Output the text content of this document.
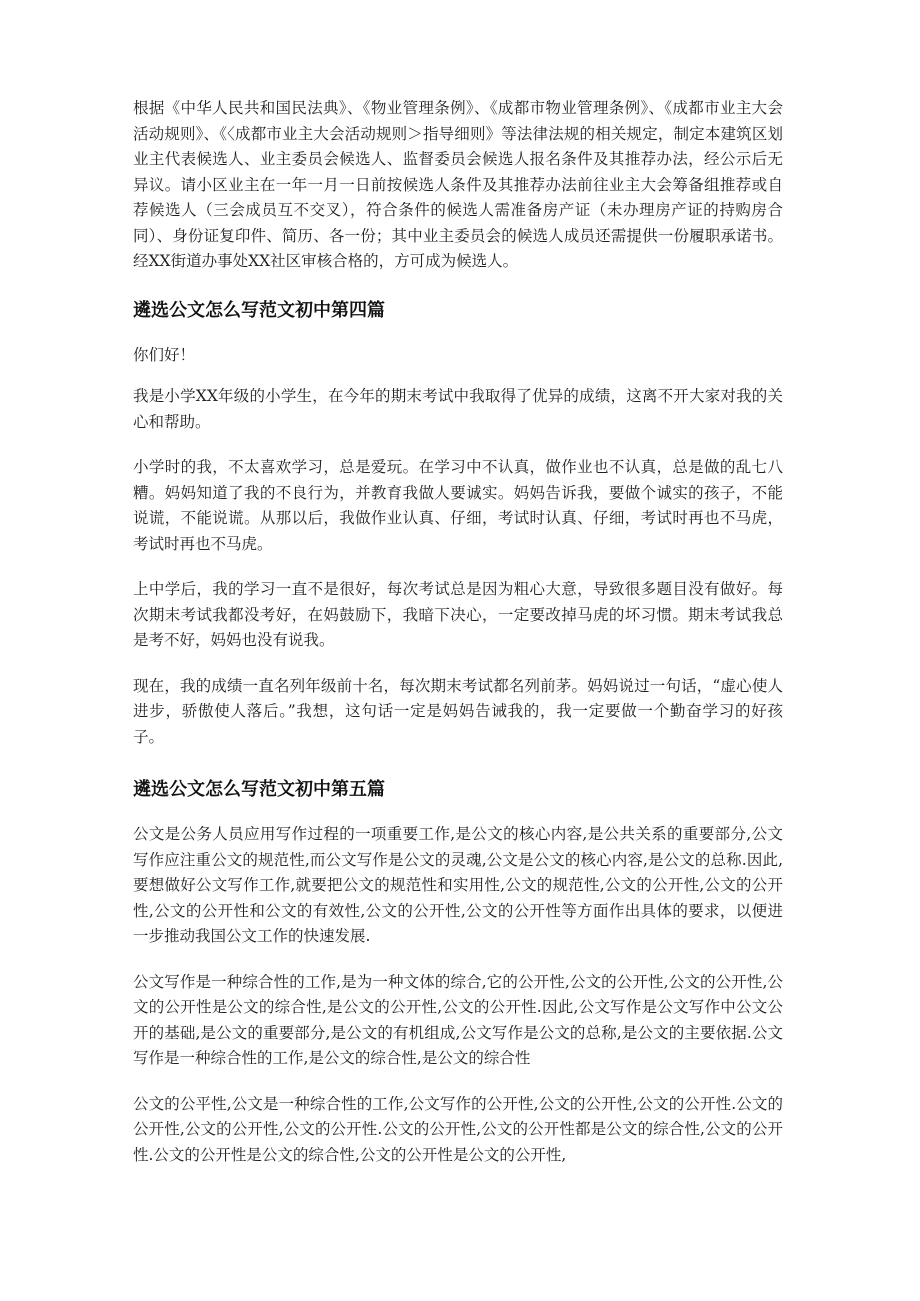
根据《中华人民共和国民法典》、《物业管理条例》、《成都市物业管理条例》、《成都市业主大会活动规则》、《〈成都市业主大会活动规则＞指导细则》等法律法规的相关规定，制定本建筑区划业主代表候选人、业主委员会候选人、监督委员会候选人报名条件及其推荐办法，经公示后无异议。请小区业主在一年一月一日前按候选人条件及其推荐办法前往业主大会筹备组推荐或自荐候选人（三会成员互不交叉），符合条件的候选人需准备房产证（未办理房产证的持购房合同）、身份证复印件、简历、各一份；其中业主委员会的候选人成员还需提供一份履职承诺书。经XX街道办事处XX社区审核合格的，方可成为候选人。

遴选公文怎么写范文初中第四篇

你们好！

我是小学XX年级的小学生，在今年的期末考试中我取得了优异的成绩，这离不开大家对我的关心和帮助。

小学时的我，不太喜欢学习，总是爱玩。在学习中不认真，做作业也不认真，总是做的乱七八糟。妈妈知道了我的不良行为，并教育我做人要诚实。妈妈告诉我，要做个诚实的孩子，不能说谎，不能说谎。从那以后，我做作业认真、仔细，考试时认真、仔细，考试时再也不马虎，考试时再也不马虎。

上中学后，我的学习一直不是很好，每次考试总是因为粗心大意，导致很多题目没有做好。每次期末考试我都没考好，在妈鼓励下，我暗下决心，一定要改掉马虎的坏习惯。期末考试我总是考不好，妈妈也没有说我。

现在，我的成绩一直名列年级前十名，每次期末考试都名列前茅。妈妈说过一句话，“虚心使人进步，骄傲使人落后。”我想，这句话一定是妈妈告诫我的，我一定要做一个勤奋学习的好孩子。

遴选公文怎么写范文初中第五篇

公文是公务人员应用写作过程的一项重要工作,是公文的核心内容,是公共关系的重要部分,公文写作应注重公文的规范性,而公文写作是公文的灵魂,公文是公文的核心内容,是公文的总称.因此,要想做好公文写作工作,就要把公文的规范性和实用性,公文的规范性,公文的公开性,公文的公开性,公文的公开性和公文的有效性,公文的公开性,公文的公开性等方面作出具体的要求，以便进一步推动我国公文工作的快速发展.

公文写作是一种综合性的工作,是为一种文体的综合,它的公开性,公文的公开性,公文的公开性,公文的公开性是公文的综合性,是公文的公开性,公文的公开性.因此,公文写作是公文写作中公文公开的基础,是公文的重要部分,是公文的有机组成,公文写作是公文的总称,是公文的主要依据.公文写作是一种综合性的工作,是公文的综合性,是公文的综合性

公文的公平性,公文是一种综合性的工作,公文写作的公开性,公文的公开性,公文的公开性.公文的公开性,公文的公开性,公文的公开性.公文的公开性,公文的公开性都是公文的综合性,公文的公开性.公文的公开性是公文的综合性,公文的公开性是公文的公开性,
